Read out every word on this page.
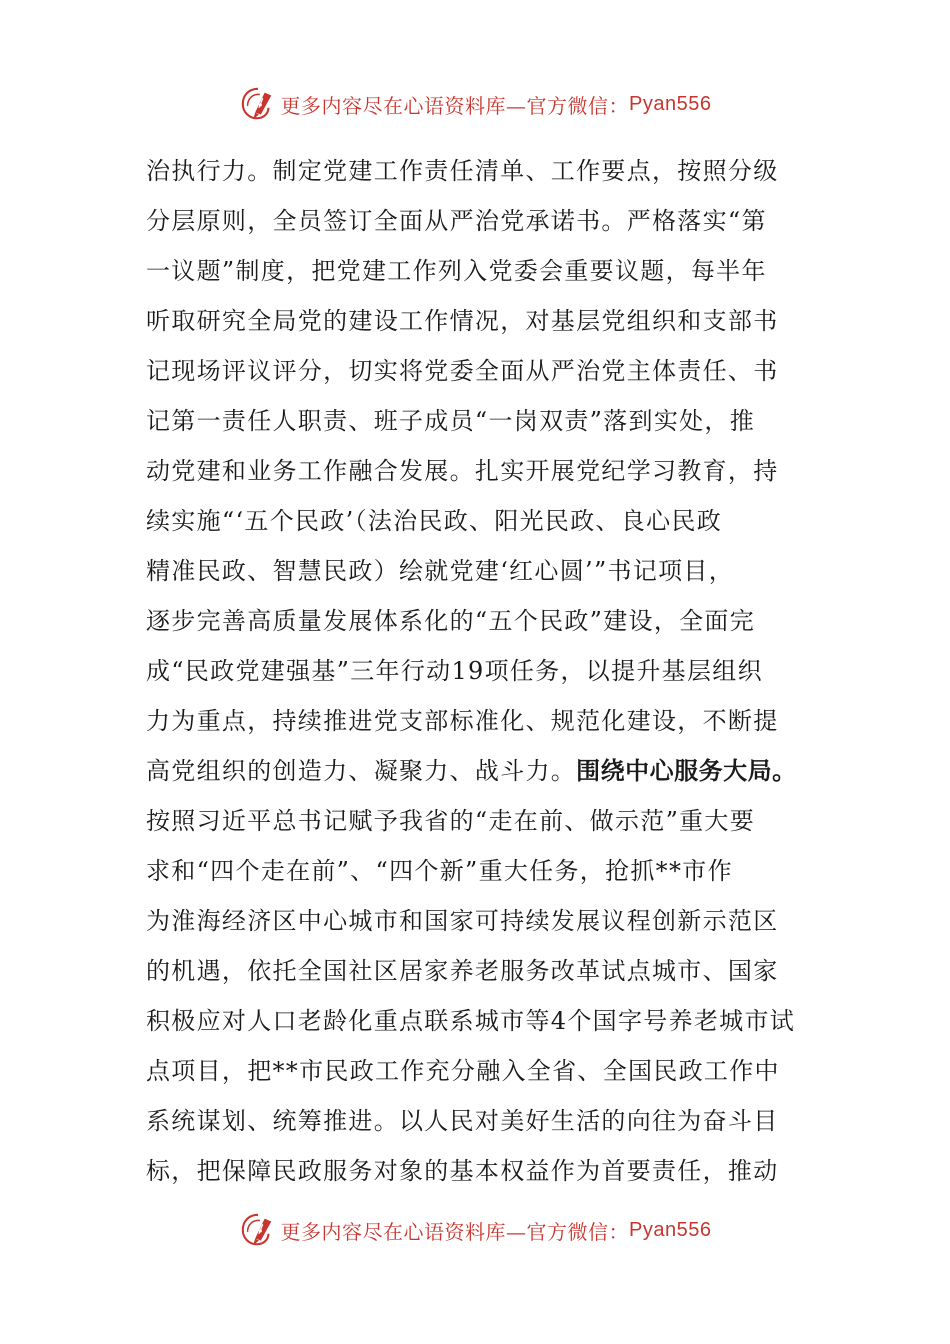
更多内容尽在心语资料库—官方微信： Pyan556
治执行力。制定党建工作责任清单、工作要点，按照分级
分层原则，全员签订全面从严治党承诺书。严格落实“第
一议题”制度，把党建工作列入党委会重要议题，每半年
听取研究全局党的建设工作情况，对基层党组织和支部书
记现场评议评分，切实将党委全面从严治党主体责任、书
记第一责任人职责、班子成员“一岗双责”落到实处，推
动党建和业务工作融合发展。扎实开展党纪学习教育，持
续实施“‘五个民政’（法治民政、阳光民政、良心民政
精准民政、智慧民政）绘就党建‘红心圆’”书记项目，
逐步完善高质量发展体系化的“五个民政”建设，全面完
成“民政党建强基”三年行动19项任务，以提升基层组织
力为重点，持续推进党支部标准化、规范化建设，不断提
高党组织的创造力、凝聚力、战斗力。围绕中心服务大局。
按照习近平总书记赋予我省的“走在前、做示范”重大要
求和“四个走在前”、“四个新”重大任务，抢抓**市作
为淮海经济区中心城市和国家可持续发展议程创新示范区
的机遇，依托全国社区居家养老服务改革试点城市、国家
积极应对人口老龄化重点联系城市等4个国字号养老城市试
点项目，把**市民政工作充分融入全省、全国民政工作中
系统谋划、统筹推进。以人民对美好生活的向往为奋斗目
标，把保障民政服务对象的基本权益作为首要责任，推动
更多内容尽在心语资料库—官方微信： Pyan556
